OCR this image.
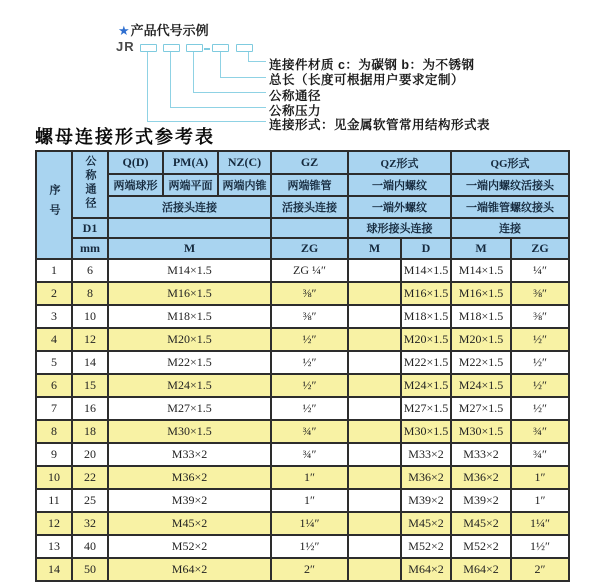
★产品代号示例
JR
连接件材质 c：为碳钢 b：为不锈钢
总长（长度可根据用户要求定制）
公称通径
公称压力
连接形式：见金属软管常用结构形式表
螺母连接形式参考表
序号	公称通径	Q(D)	PM(A)	NZ(C)	GZ	QZ形式		QG形式	
		两端球形	两端平面	两端内锥	两端锥管	一端内螺纹		一端内螺纹活接头	
		活接头连接			活接头连接	一端外螺纹		一端锥管螺纹接头	
	D1					球形接头连接		连接	
	mm	M			ZG	M	D	M	ZG
1	6	M14×1.5			ZG ¼″		M14×1.5	M14×1.5	¼″
2	8	M16×1.5			⅜″		M16×1.5	M16×1.5	⅜″
3	10	M18×1.5			⅜″		M18×1.5	M18×1.5	⅜″
4	12	M20×1.5			½″		M20×1.5	M20×1.5	½″
5	14	M22×1.5			½″		M22×1.5	M22×1.5	½″
6	15	M24×1.5			½″		M24×1.5	M24×1.5	½″
7	16	M27×1.5			½″		M27×1.5	M27×1.5	½″
8	18	M30×1.5			¾″		M30×1.5	M30×1.5	¾″
9	20	M33×2			¾″		M33×2	M33×2	¾″
10	22	M36×2			1″		M36×2	M36×2	1″
11	25	M39×2			1″		M39×2	M39×2	1″
12	32	M45×2			1¼″		M45×2	M45×2	1¼″
13	40	M52×2			1½″		M52×2	M52×2	1½″
14	50	M64×2			2″		M64×2	M64×2	2″
